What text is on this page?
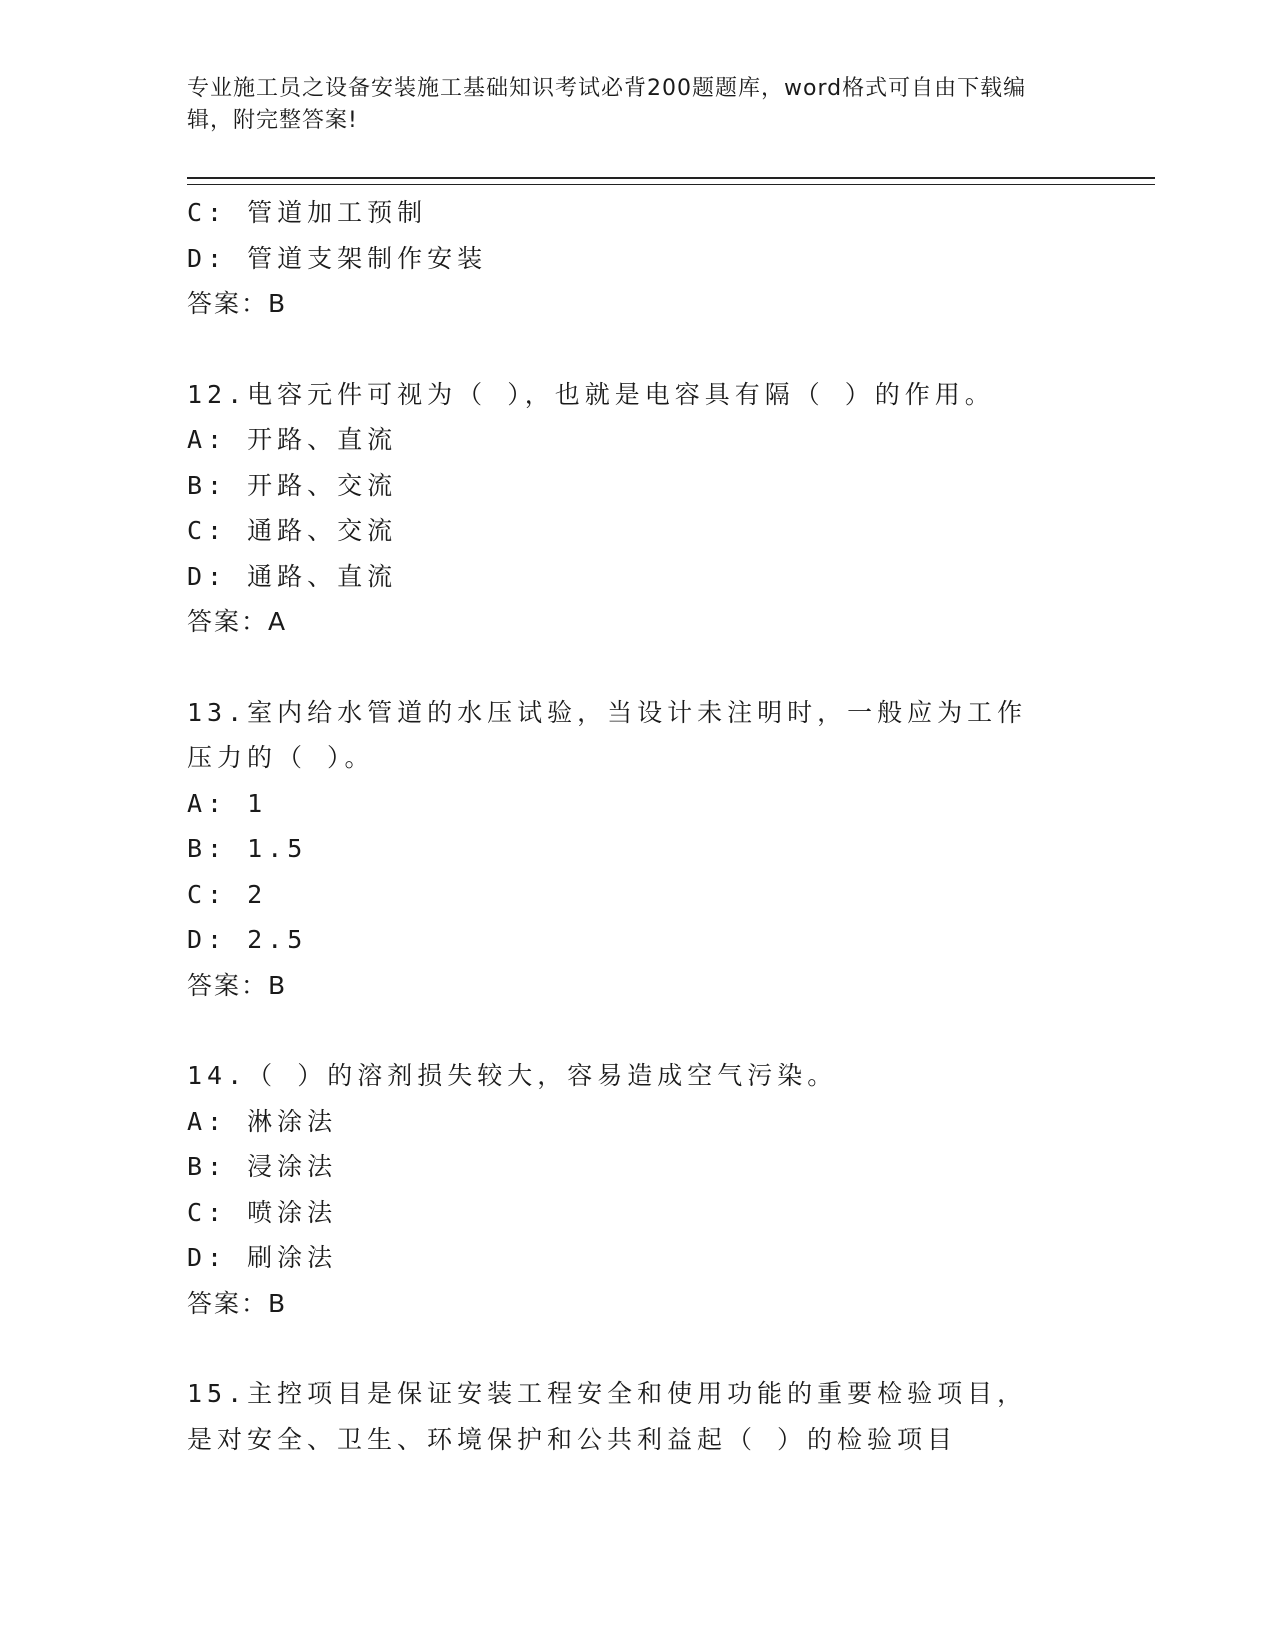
专业施工员之设备安装施工基础知识考试必背200题题库，word格式可自由下载编辑，附完整答案!
C: 管道加工预制
D: 管道支架制作安装
答案：B
12.电容元件可视为（ ），也就是电容具有隔（ ）的作用。
A: 开路、直流
B: 开路、交流
C: 通路、交流
D: 通路、直流
答案：A
13.室内给水管道的水压试验，当设计未注明时，一般应为工作压力的（ ）。
A: 1
B: 1.5
C: 2
D: 2.5
答案：B
14.（ ）的溶剂损失较大，容易造成空气污染。
A: 淋涂法
B: 浸涂法
C: 喷涂法
D: 刷涂法
答案：B
15.主控项目是保证安装工程安全和使用功能的重要检验项目，是对安全、卫生、环境保护和公共利益起（ ）的检验项目
